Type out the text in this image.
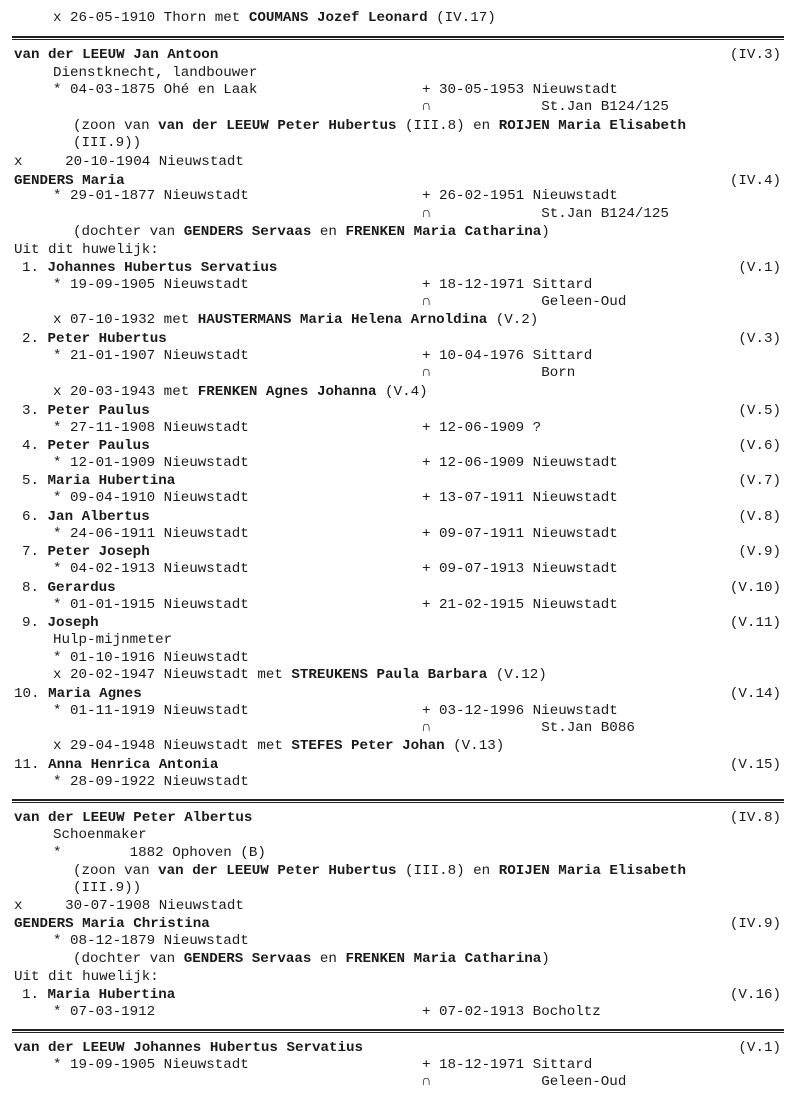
x 26-05-1910 Thorn met COUMANS Jozef Leonard (IV.17)
van der LEEUW Jan Antoon	(IV.3)
Dienstknecht, landbouwer
* 04-03-1875 Ohé en Laak	+ 30-05-1953 Nieuwstadt
∩             St.Jan B124/125
(zoon van van der LEEUW Peter Hubertus (III.8) en ROIJEN Maria Elisabeth
(III.9))
x     20-10-1904 Nieuwstadt
GENDERS Maria	(IV.4)
* 29-01-1877 Nieuwstadt	+ 26-02-1951 Nieuwstadt
∩             St.Jan B124/125
(dochter van GENDERS Servaas en FRENKEN Maria Catharina)
Uit dit huwelijk:
1. Johannes Hubertus Servatius	(V.1)
* 19-09-1905 Nieuwstadt	+ 18-12-1971 Sittard
∩             Geleen-Oud
x 07-10-1932 met HAUSTERMANS Maria Helena Arnoldina (V.2)
2. Peter Hubertus	(V.3)
* 21-01-1907 Nieuwstadt	+ 10-04-1976 Sittard
∩             Born
x 20-03-1943 met FRENKEN Agnes Johanna (V.4)
3. Peter Paulus	(V.5)
* 27-11-1908 Nieuwstadt	+ 12-06-1909 ?
4. Peter Paulus	(V.6)
* 12-01-1909 Nieuwstadt	+ 12-06-1909 Nieuwstadt
5. Maria Hubertina	(V.7)
* 09-04-1910 Nieuwstadt	+ 13-07-1911 Nieuwstadt
6. Jan Albertus	(V.8)
* 24-06-1911 Nieuwstadt	+ 09-07-1911 Nieuwstadt
7. Peter Joseph	(V.9)
* 04-02-1913 Nieuwstadt	+ 09-07-1913 Nieuwstadt
8. Gerardus	(V.10)
* 01-01-1915 Nieuwstadt	+ 21-02-1915 Nieuwstadt
9. Joseph	(V.11)
Hulp-mijnmeter
* 01-10-1916 Nieuwstadt
x 20-02-1947 Nieuwstadt met STREUKENS Paula Barbara (V.12)
10. Maria Agnes	(V.14)
* 01-11-1919 Nieuwstadt	+ 03-12-1996 Nieuwstadt
∩             St.Jan B086
x 29-04-1948 Nieuwstadt met STEFES Peter Johan (V.13)
11. Anna Henrica Antonia	(V.15)
* 28-09-1922 Nieuwstadt
van der LEEUW Peter Albertus	(IV.8)
Schoenmaker
*        1882 Ophoven (B)
(zoon van van der LEEUW Peter Hubertus (III.8) en ROIJEN Maria Elisabeth
(III.9))
x     30-07-1908 Nieuwstadt
GENDERS Maria Christina	(IV.9)
* 08-12-1879 Nieuwstadt
(dochter van GENDERS Servaas en FRENKEN Maria Catharina)
Uit dit huwelijk:
1. Maria Hubertina	(V.16)
* 07-03-1912	+ 07-02-1913 Bocholtz
van der LEEUW Johannes Hubertus Servatius	(V.1)
* 19-09-1905 Nieuwstadt	+ 18-12-1971 Sittard
∩             Geleen-Oud
